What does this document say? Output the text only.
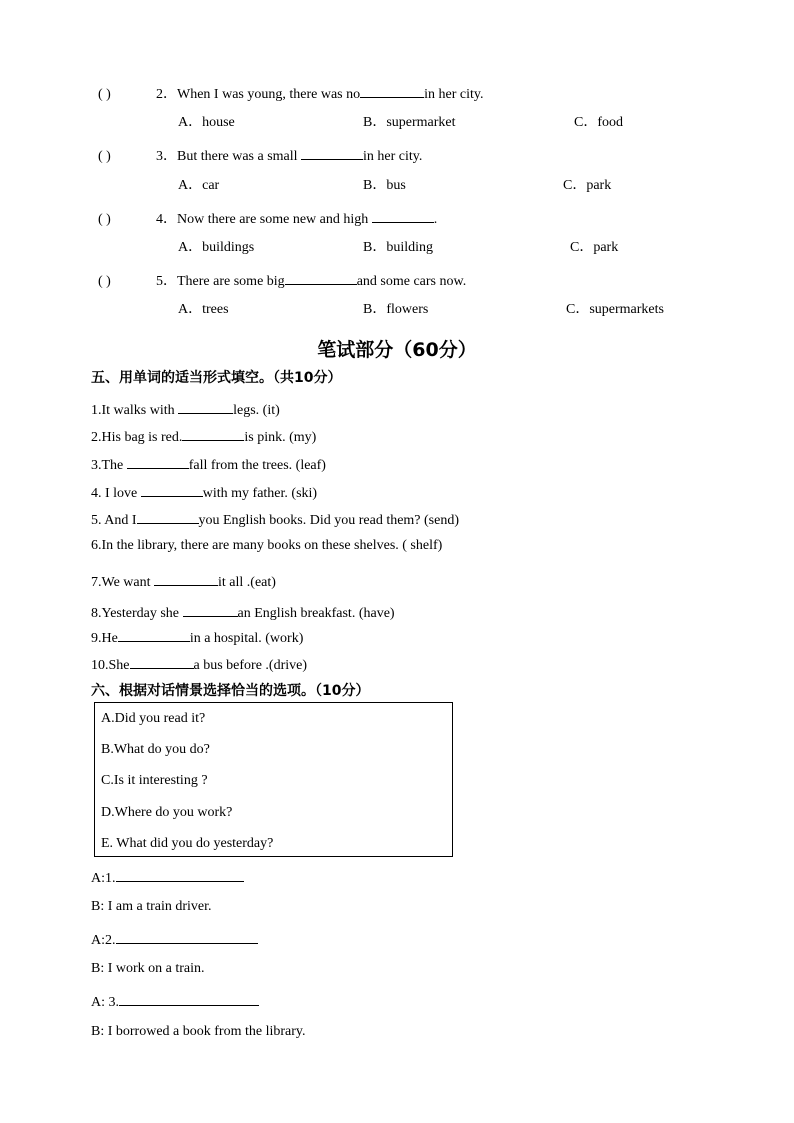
( )	2．When I was young, there was no	in her city.
A．house	B．supermarket	C．food
( )	3．But there was a small	in her city.
A．car	B．bus	C．park
( )	4．Now there are some new and high	.
A．buildings	B．building	C．park
( )	5．There are some big	and some cars now.
A．trees	B．flowers	C．supermarkets
笔试部分（60分）
五、用单词的适当形式填空。（共10分）
1.It walks with	legs. (it)
2.His bag is red.	is pink. (my)
3.The	fall from the trees. (leaf)
4. I love	with my father. (ski)
5. And I	you English books. Did you read them? (send)
6.In the library, there are many books on these shelves. ( shelf)
7.We want	it all .(eat)
8.Yesterday she	an English breakfast. (have)
9.He	in a hospital. (work)
10.She	a bus before .(drive)
六、根据对话情景选择恰当的选项。（10分）
A.Did you read it?
B.What do you do?
C.Is it interesting ?
D.Where do you work?
E. What did you do yesterday?
A:1.
B: I am a train driver.
A:2.
B: I work on a train.
A: 3.
B: I borrowed a book from the library.
